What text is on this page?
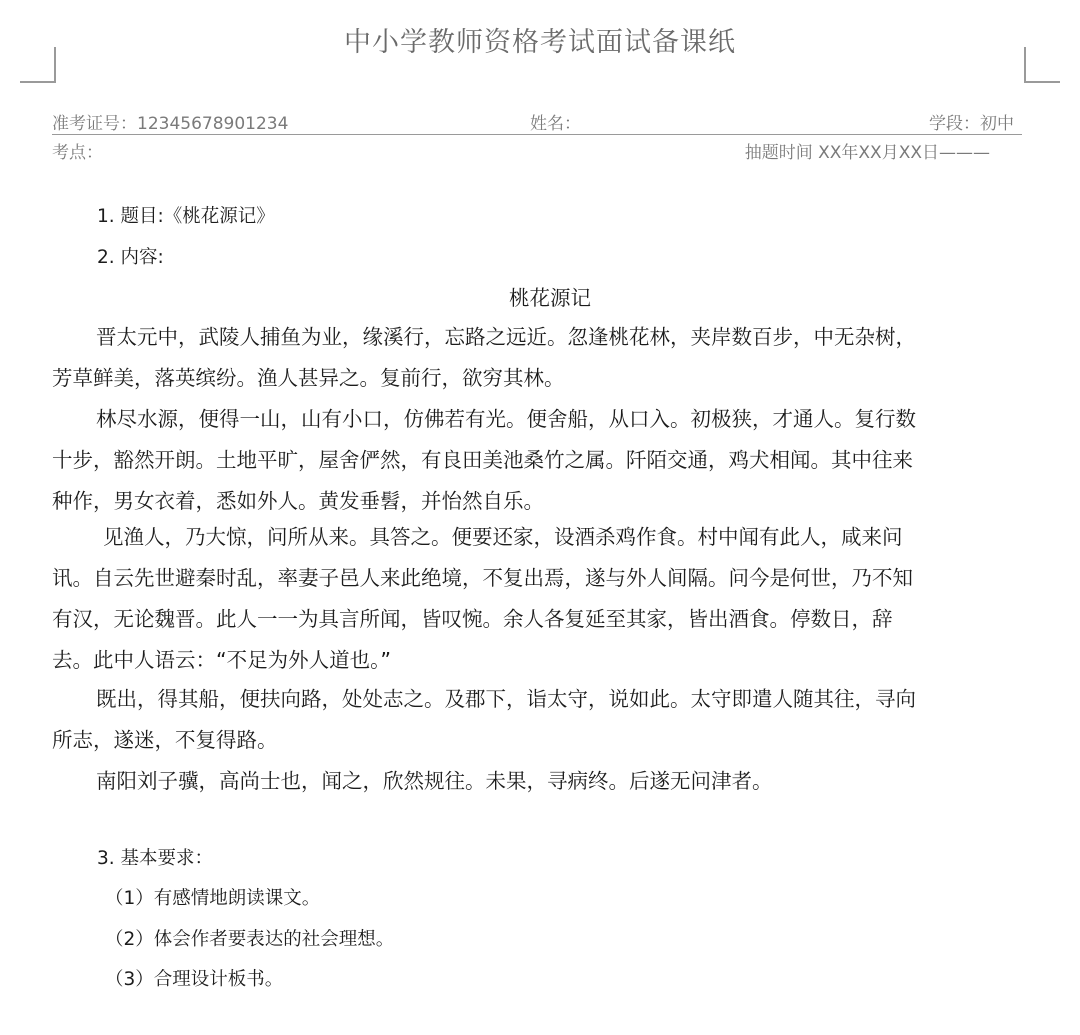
中小学教师资格考试面试备课纸
准考证号：12345678901234	姓名：	学段：初中
考点：	抽题时间 XX年XX月XX日———
1. 题目:《桃花源记》
2. 内容:
桃花源记
晋太元中，武陵人捕鱼为业，缘溪行，忘路之远近。忽逢桃花林，夹岸数百步，中无杂树，
芳草鲜美，落英缤纷。渔人甚异之。复前行，欲穷其林。
林尽水源，便得一山，山有小口，仿佛若有光。便舍船，从口入。初极狭，才通人。复行数
十步，豁然开朗。土地平旷，屋舍俨然，有良田美池桑竹之属。阡陌交通，鸡犬相闻。其中往来
种作，男女衣着，悉如外人。黄发垂髫，并怡然自乐。
见渔人，乃大惊，问所从来。具答之。便要还家，设酒杀鸡作食。村中闻有此人，咸来问
讯。自云先世避秦时乱，率妻子邑人来此绝境，不复出焉，遂与外人间隔。问今是何世，乃不知
有汉，无论魏晋。此人一一为具言所闻，皆叹惋。余人各复延至其家，皆出酒食。停数日，辞
去。此中人语云：“不足为外人道也。”
既出，得其船，便扶向路，处处志之。及郡下，诣太守，说如此。太守即遣人随其往，寻向
所志，遂迷，不复得路。
南阳刘子骥，高尚士也，闻之，欣然规往。未果，寻病终。后遂无问津者。
3. 基本要求：
（1）有感情地朗读课文。
（2）体会作者要表达的社会理想。
（3）合理设计板书。
